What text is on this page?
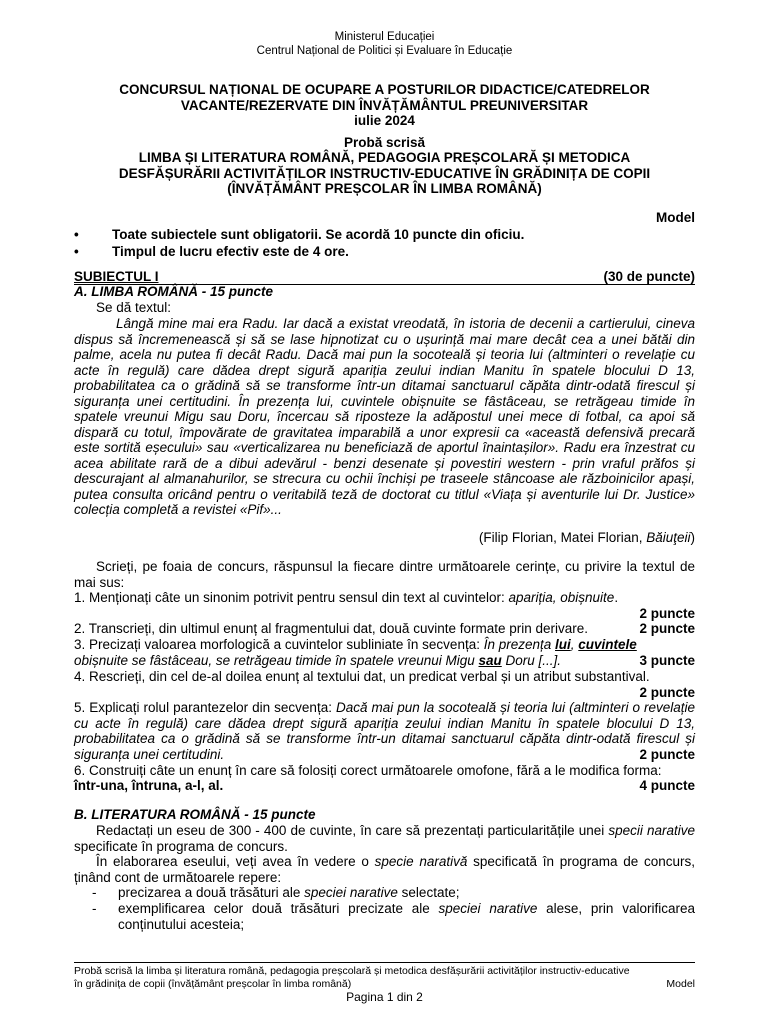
Ministerul Educației
Centrul Național de Politici și Evaluare în Educație
CONCURSUL NAȚIONAL DE OCUPARE A POSTURILOR DIDACTICE/CATEDRELOR
VACANTE/REZERVATE DIN ÎNVĂȚĂMÂNTUL PREUNIVERSITAR
iulie 2024
Probă scrisă
LIMBA ȘI LITERATURA ROMÂNĂ, PEDAGOGIA PREȘCOLARĂ ȘI METODICA
DESFĂȘURĂRII ACTIVITĂȚILOR INSTRUCTIV-EDUCATIVE ÎN GRĂDINIȚA DE COPII
(ÎNVĂȚĂMÂNT PREȘCOLAR ÎN LIMBA ROMÂNĂ)
Model
•	Toate subiectele sunt obligatorii. Se acordă 10 puncte din oficiu.
•	Timpul de lucru efectiv este de 4 ore.
SUBIECTUL I	(30 de puncte)
A. LIMBA ROMÂNĂ - 15 puncte
Se dă textul:
Lângă mine mai era Radu. Iar dacă a existat vreodată, în istoria de decenii a cartierului, cineva dispus să încremenească și să se lase hipnotizat cu o ușurință mai mare decât cea a unei bătăi din palme, acela nu putea fi decât Radu. Dacă mai pun la socoteală și teoria lui (altminteri o revelație cu acte în regulă) care dădea drept sigură apariția zeului indian Manitu în spatele blocului D 13, probabilitatea ca o grădină să se transforme într-un ditamai sanctuarul căpăta dintr-odată firescul și siguranța unei certitudini. În prezența lui, cuvintele obișnuite se fâstâceau, se retrăgeau timide în spatele vreunui Migu sau Doru, încercau să riposteze la adăpostul unei mece di fotbal, ca apoi să dispară cu totul, împovărate de gravitatea imparabilă a unor expresii ca «această defensivă precară este sortită eșecului» sau «verticalizarea nu beneficiază de aportul înaintașilor». Radu era înzestrat cu acea abilitate rară de a dibui adevărul - benzi desenate și povestiri western - prin vraful prăfos și descurajant al almanahurilor, se strecura cu ochii închiși pe traseele stâncoase ale războinicilor apași, putea consulta oricând pentru o veritabilă teză de doctorat cu titlul «Viața și aventurile lui Dr. Justice» colecția completă a revistei «Pif»...
(Filip Florian, Matei Florian, Băiuţeii)
Scrieți, pe foaia de concurs, răspunsul la fiecare dintre următoarele cerințe, cu privire la textul de mai sus:
1. Menționați câte un sinonim potrivit pentru sensul din text al cuvintelor: apariția, obișnuite.
2 puncte
2. Transcrieți, din ultimul enunț al fragmentului dat, două cuvinte formate prin derivare.	2 puncte
3. Precizați valoarea morfologică a cuvintelor subliniate în secvența: În prezența lui, cuvintele
obișnuite se fâstâceau, se retrăgeau timide în spatele vreunui Migu sau Doru [...].	3 puncte
4. Rescrieți, din cel de-al doilea enunț al textului dat, un predicat verbal și un atribut substantival.
2 puncte
5. Explicați rolul parantezelor din secvența: Dacă mai pun la socoteală și teoria lui (altminteri o revelație cu acte în regulă) care dădea drept sigură apariția zeului indian Manitu în spatele blocului D 13, probabilitatea ca o grădină să se transforme într-un ditamai sanctuarul căpăta dintr-odată firescul și siguranța unei certitudini.	2 puncte
6. Construiți câte un enunț în care să folosiți corect următoarele omofone, fără a le modifica forma:
într-una, întruna, a-l, al.	4 puncte
B. LITERATURA ROMÂNĂ - 15 puncte
Redactați un eseu de 300 - 400 de cuvinte, în care să prezentați particularitățile unei specii narative specificate în programa de concurs.
În elaborarea eseului, veți avea în vedere o specie narativă specificată în programa de concurs, ținând cont de următoarele repere:
-	precizarea a două trăsături ale speciei narative selectate;
-	exemplificarea celor două trăsături precizate ale speciei narative alese, prin valorificarea conținutului acesteia;
Probă scrisă la limba și literatura română, pedagogia preșcolară și metodica desfășurării activităților instructiv-educative
în grădinița de copii (învățământ preșcolar în limba română)	Model
Pagina 1 din 2
